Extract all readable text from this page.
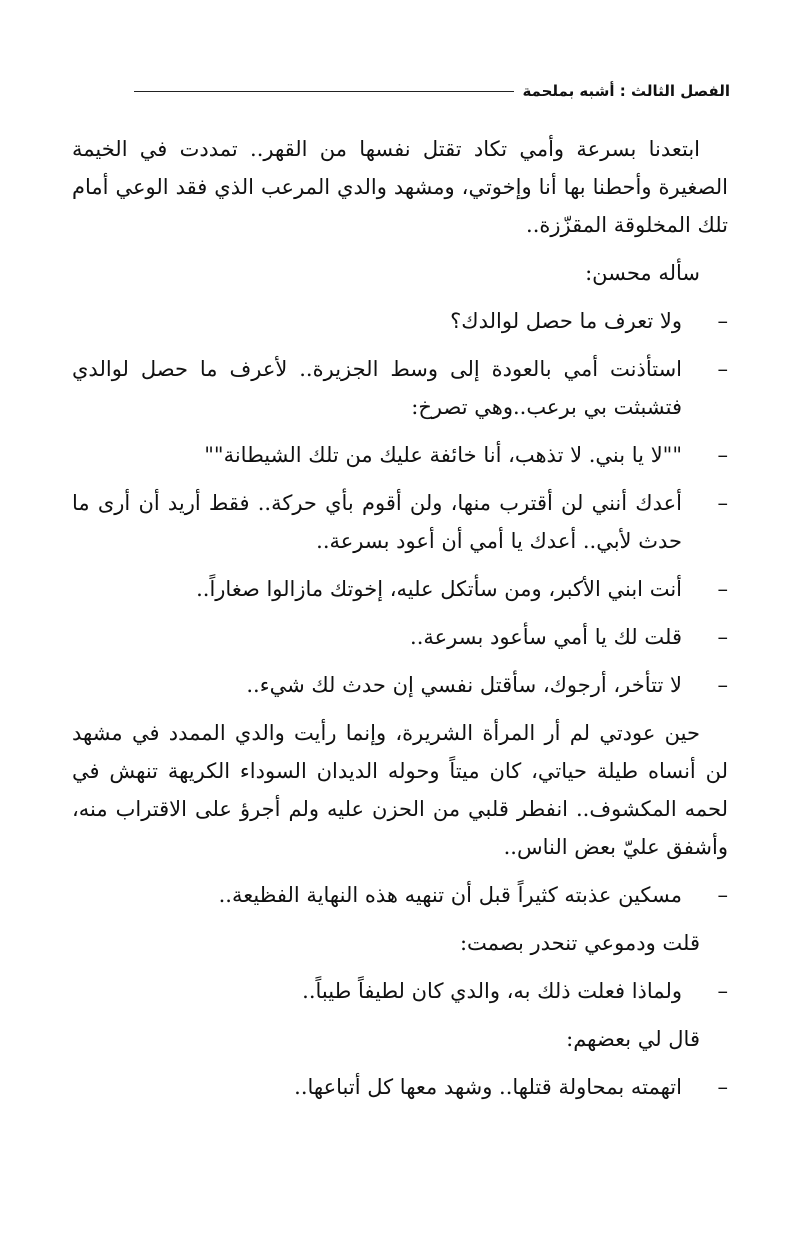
الفصل الثالث : أشبه بملحمة

ابتعدنا بسرعة وأمي تكاد تقتل نفسها من القهر.. تمددت في الخيمة الصغيرة وأحطنا بها أنا وإخوتي، ومشهد والدي المرعب الذي فقد الوعي أمام تلك المخلوقة المقزّزة..

سأله محسن:

–
ولا تعرف ما حصل لوالدك؟
–
استأذنت أمي بالعودة إلى وسط الجزيرة.. لأعرف ما حصل لوالدي فتشبثت بي برعب..وهي تصرخ:
–
""لا يا بني. لا تذهب، أنا خائفة عليك من تلك الشيطانة""
–
أعدك أنني لن أقترب منها، ولن أقوم بأي حركة.. فقط أريد أن أرى ما حدث لأبي.. أعدك يا أمي أن أعود بسرعة..
–
أنت ابني الأكبر، ومن سأتكل عليه، إخوتك مازالوا صغاراً..
–
قلت لك يا أمي سأعود بسرعة..
–
لا تتأخر، أرجوك، سأقتل نفسي إن حدث لك شيء..

حين عودتي لم أر المرأة الشريرة، وإنما رأيت والدي الممدد في مشهد لن أنساه طيلة حياتي، كان ميتاً وحوله الديدان السوداء الكريهة تنهش في لحمه المكشوف.. انفطر قلبي من الحزن عليه ولم أجرؤ على الاقتراب منه، وأشفق عليّ بعض الناس..

–
مسكين عذبته كثيراً قبل أن تنهيه هذه النهاية الفظيعة..

قلت ودموعي تنحدر بصمت:

–
ولماذا فعلت ذلك به، والدي كان لطيفاً طيباً..

قال لي بعضهم:

–
اتهمته بمحاولة قتلها.. وشهد معها كل أتباعها..
